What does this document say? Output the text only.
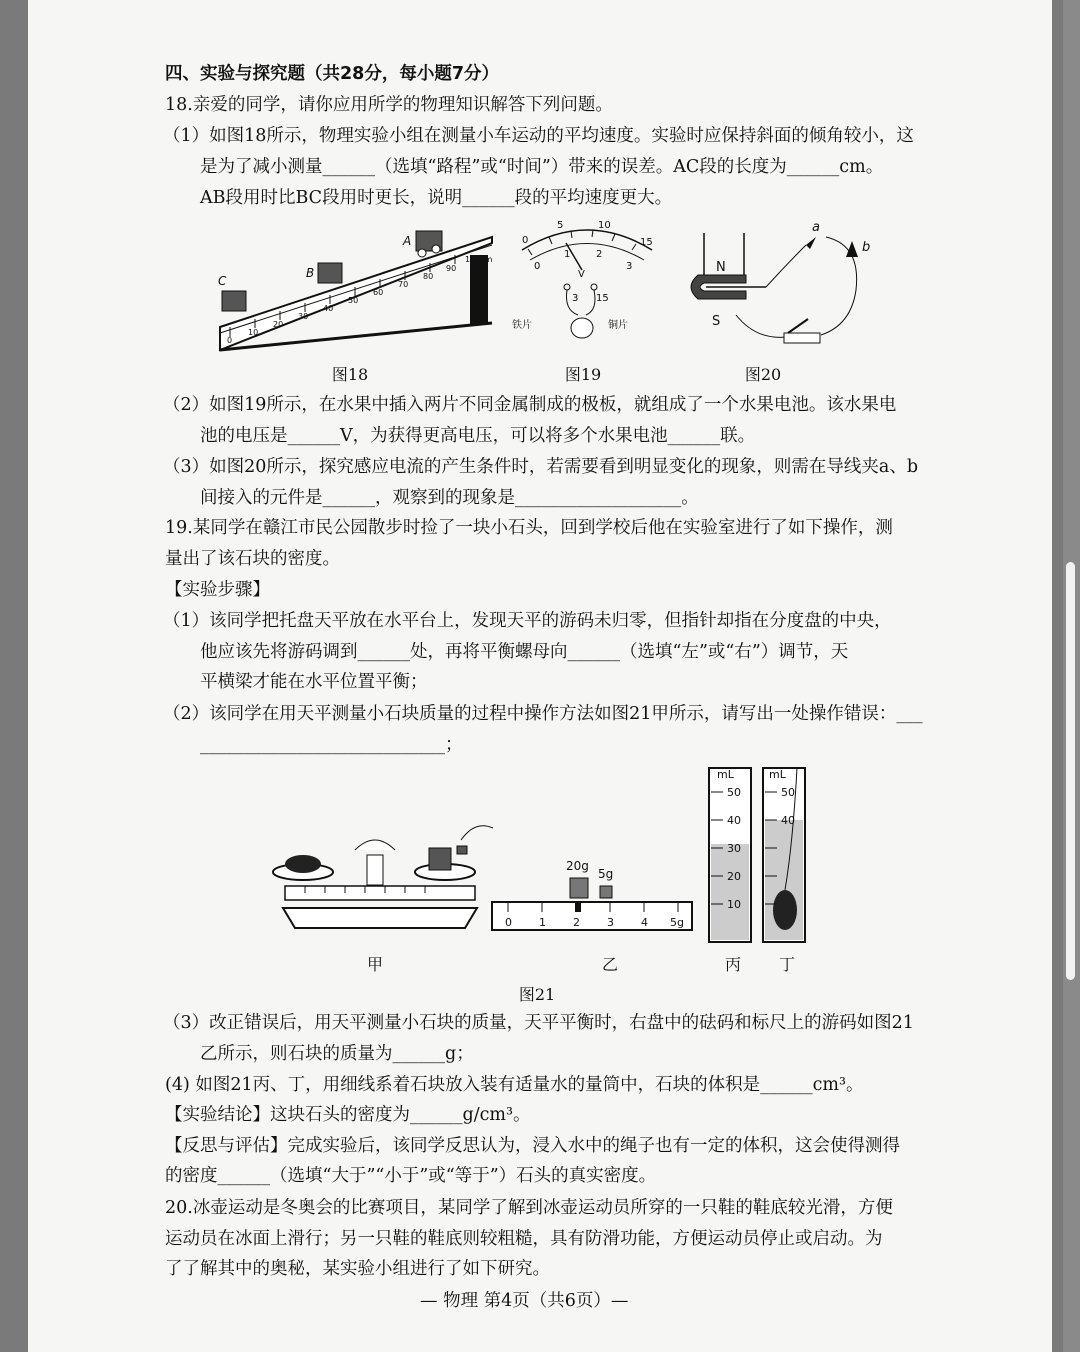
四、实验与探究题（共28分，每小题7分）
18.亲爱的同学，请你应用所学的物理知识解答下列问题。
（1）如图18所示，物理实验小组在测量小车运动的平均速度。实验时应保持斜面的倾角较小，这
是为了减小测量______（选填“路程”或“时间”）带来的误差。AC段的长度为______cm。
AB段用时比BC段用时更长，说明______段的平均速度更大。
0
10
20
30
40
50
60
70
80
90
100cm
C
B
A
图18
0
5	10
15
0
1	2
3
V
3 15
铁片	铜片
图19
N
S
a
b
图20
（2）如图19所示，在水果中插入两片不同金属制成的极板，就组成了一个水果电池。该水果电
池的电压是______V，为获得更高电压，可以将多个水果电池______联。
（3）如图20所示，探究感应电流的产生条件时，若需要看到明显变化的现象，则需在导线夹a、b
间接入的元件是______，观察到的现象是___________________。
19.某同学在赣江市民公园散步时捡了一块小石头，回到学校后他在实验室进行了如下操作，测
量出了该石块的密度。
【实验步骤】
（1）该同学把托盘天平放在水平台上，发现天平的游码未归零，但指针却指在分度盘的中央，
他应该先将游码调到______处，再将平衡螺母向______（选填“左”或“右”）调节，天
平横梁才能在水平位置平衡；
（2）该同学在用天平测量小石块质量的过程中操作方法如图21甲所示，请写出一处操作错误：___
____________________________；
20g
5g
0 1 2 3 4 5g
mL
50
40
30
20
10
mL
50
40
甲	乙	丙	丁
图21
（3）改正错误后，用天平测量小石块的质量，天平平衡时，右盘中的砝码和标尺上的游码如图21
乙所示，则石块的质量为______g；
(4) 如图21丙、丁，用细线系着石块放入装有适量水的量筒中，石块的体积是______cm³。
【实验结论】这块石头的密度为______g/cm³。
【反思与评估】完成实验后，该同学反思认为，浸入水中的绳子也有一定的体积，这会使得测得
的密度______（选填“大于”“小于”或“等于”）石头的真实密度。
20.冰壶运动是冬奥会的比赛项目，某同学了解到冰壶运动员所穿的一只鞋的鞋底较光滑，方便
运动员在冰面上滑行；另一只鞋的鞋底则较粗糙，具有防滑功能，方便运动员停止或启动。为
了了解其中的奥秘，某实验小组进行了如下研究。
— 物理 第4页（共6页）—
